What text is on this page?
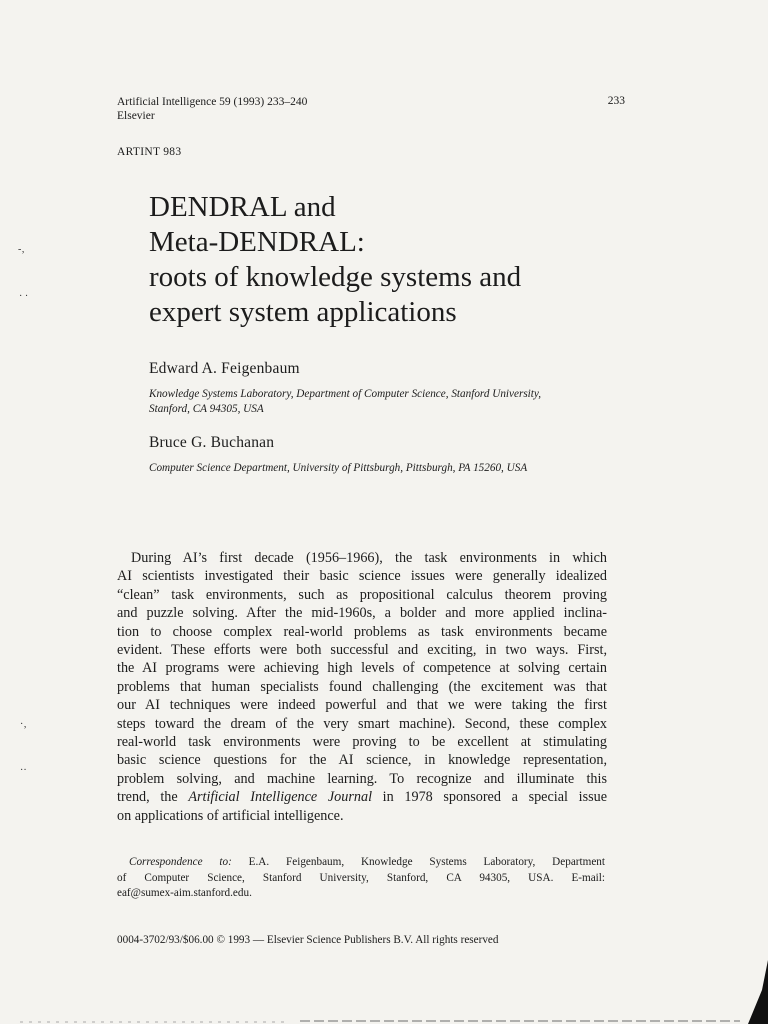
Artificial Intelligence 59 (1993) 233–240
Elsevier
233
ARTINT 983
DENDRAL and
Meta-DENDRAL:
roots of knowledge systems and
expert system applications
Edward A. Feigenbaum
Knowledge Systems Laboratory, Department of Computer Science, Stanford University,
Stanford, CA 94305, USA
Bruce G. Buchanan
Computer Science Department, University of Pittsburgh, Pittsburgh, PA 15260, USA
During AI’s first decade (1956–1966), the task environments in which
AI scientists investigated their basic science issues were generally idealized
“clean” task environments, such as propositional calculus theorem proving
and puzzle solving. After the mid-1960s, a bolder and more applied inclina-
tion to choose complex real-world problems as task environments became
evident. These efforts were both successful and exciting, in two ways. First,
the AI programs were achieving high levels of competence at solving certain
problems that human specialists found challenging (the excitement was that
our AI techniques were indeed powerful and that we were taking the first
steps toward the dream of the very smart machine). Second, these complex
real-world task environments were proving to be excellent at stimulating
basic science questions for the AI science, in knowledge representation,
problem solving, and machine learning. To recognize and illuminate this
trend, the Artificial Intelligence Journal in 1978 sponsored a special issue
on applications of artificial intelligence.
Correspondence to: E.A. Feigenbaum, Knowledge Systems Laboratory, Department
of Computer Science, Stanford University, Stanford, CA 94305, USA. E-mail:
eaf@sumex-aim.stanford.edu.
0004-3702/93/$06.00 © 1993 — Elsevier Science Publishers B.V. All rights reserved
-‚
· ·
·‚
··
